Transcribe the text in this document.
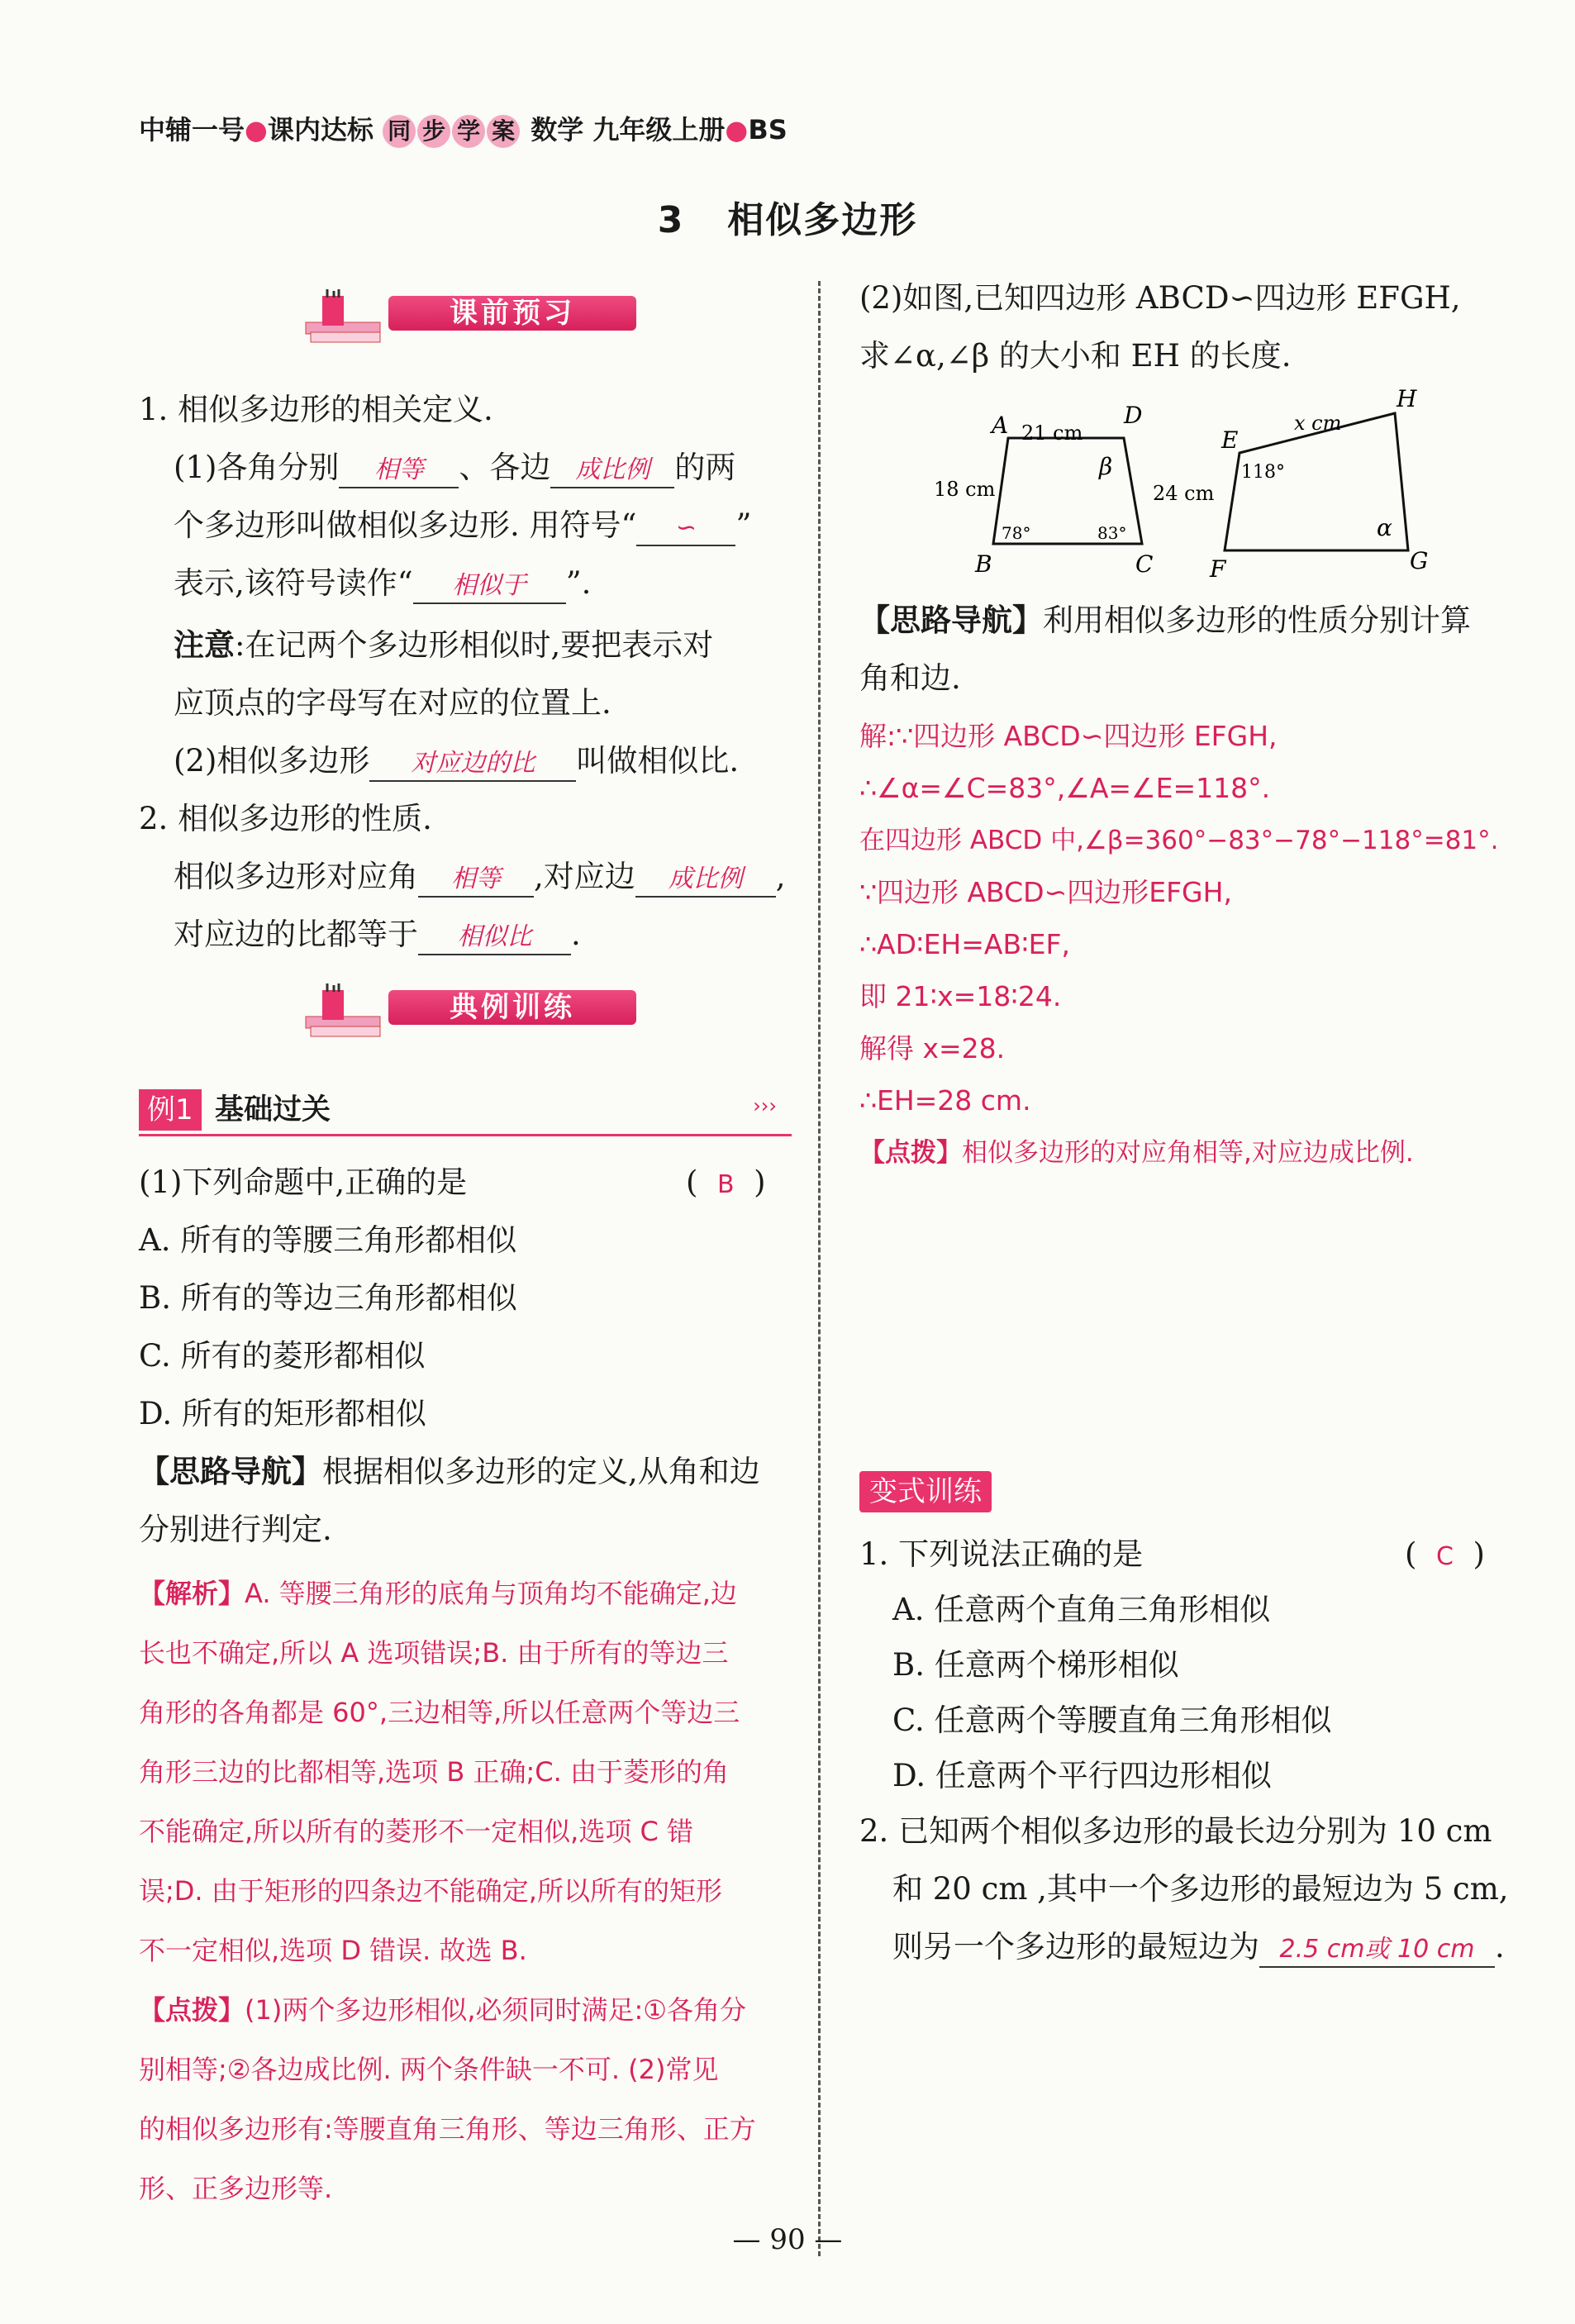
中辅一号●课内达标 同 步 学 案 数学 九年级上册●BS
3   相似多边形
课前预习
1. 相似多边形的相关定义.
(1)各角分别 相等 、各边 成比例 的两
个多边形叫做相似多边形. 用符号“ ∽ ”
表示,该符号读作“ 相似于 ”.
注意:在记两个多边形相似时,要把表示对
应顶点的字母写在对应的位置上.
(2)相似多边形 对应边的比 叫做相似比.
2. 相似多边形的性质.
相似多边形对应角 相等 ,对应边 成比例 ,
对应边的比都等于 相似比 .
典例训练
例1 基础过关	›››
(1)下列命题中,正确的是	(  B  )
A. 所有的等腰三角形都相似
B. 所有的等边三角形都相似
C. 所有的菱形都相似
D. 所有的矩形都相似
【思路导航】根据相似多边形的定义,从角和边
分别进行判定.
【解析】A. 等腰三角形的底角与顶角均不能确定,边
长也不确定,所以 A 选项错误;B. 由于所有的等边三
角形的各角都是 60°,三边相等,所以任意两个等边三
角形三边的比都相等,选项 B 正确;C. 由于菱形的角
不能确定,所以所有的菱形不一定相似,选项 C 错
误;D. 由于矩形的四条边不能确定,所以所有的矩形
不一定相似,选项 D 错误. 故选 B.
【点拨】(1)两个多边形相似,必须同时满足:①各角分
别相等;②各边成比例. 两个条件缺一不可. (2)常见
的相似多边形有:等腰直角三角形、等边三角形、正方
形、正多边形等.
(2)如图,已知四边形 ABCD∽四边形 EFGH,
求∠α,∠β 的大小和 EH 的长度.
A	D
B	C
E
H
F	G
β
α
21 cm
18 cm	24 cm
x cm
78°	83°
118°
【思路导航】利用相似多边形的性质分别计算
角和边.
解:∵四边形 ABCD∽四边形 EFGH,
∴∠α=∠C=83°,∠A=∠E=118°.
在四边形 ABCD 中,∠β=360°−83°−78°−118°=81°.
∵四边形 ABCD∽四边形EFGH,
∴AD∶EH=AB∶EF,
即 21∶x=18∶24.
解得 x=28.
∴EH=28 cm.
【点拨】相似多边形的对应角相等,对应边成比例.
变式训练
1. 下列说法正确的是	(  C  )
A. 任意两个直角三角形相似
B. 任意两个梯形相似
C. 任意两个等腰直角三角形相似
D. 任意两个平行四边形相似
2. 已知两个相似多边形的最长边分别为 10 cm
和 20 cm ,其中一个多边形的最短边为 5 cm,
则另一个多边形的最短边为 2.5 cm或 10 cm .
— 90 —
